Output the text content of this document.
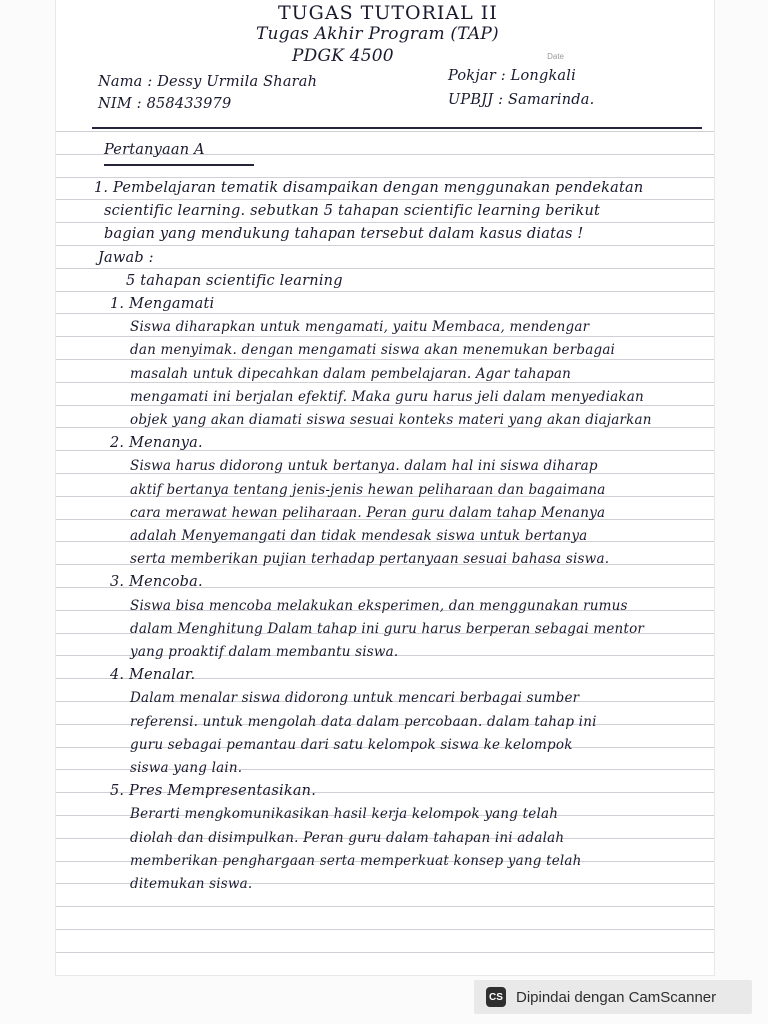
TUGAS TUTORIAL II
Tugas Akhir Program (TAP)
PDGK 4500	Date
Nama : Dessy Urmila Sharah
NIM : 858433979
Pokjar : Longkali
UPBJJ : Samarinda.
Pertanyaan A
1. Pembelajaran tematik disampaikan dengan menggunakan pendekatan
scientific learning. sebutkan 5 tahapan scientific learning berikut
bagian yang mendukung tahapan tersebut dalam kasus diatas !
Jawab :
5 tahapan scientific learning
1. Mengamati
Siswa diharapkan untuk mengamati, yaitu Membaca, mendengar
dan menyimak. dengan mengamati siswa akan menemukan berbagai
masalah untuk dipecahkan dalam pembelajaran. Agar tahapan
mengamati ini berjalan efektif. Maka guru harus jeli dalam menyediakan
objek yang akan diamati siswa sesuai konteks materi yang akan diajarkan
2. Menanya.
Siswa harus didorong untuk bertanya. dalam hal ini siswa diharap
aktif bertanya tentang jenis-jenis hewan peliharaan dan bagaimana
cara merawat hewan peliharaan. Peran guru dalam tahap Menanya
adalah Menyemangati dan tidak mendesak siswa untuk bertanya
serta memberikan pujian terhadap pertanyaan sesuai bahasa siswa.
3. Mencoba.
Siswa bisa mencoba melakukan eksperimen, dan menggunakan rumus
dalam Menghitung Dalam tahap ini guru harus berperan sebagai mentor
yang proaktif dalam membantu siswa.
4. Menalar.
Dalam menalar siswa didorong untuk mencari berbagai sumber
referensi. untuk mengolah data dalam percobaan. dalam tahap ini
guru sebagai pemantau dari satu kelompok siswa ke kelompok
siswa yang lain.
5. Pres Mempresentasikan.
Berarti mengkomunikasikan hasil kerja kelompok yang telah
diolah dan disimpulkan. Peran guru dalam tahapan ini adalah
memberikan penghargaan serta memperkuat konsep yang telah
ditemukan siswa.
CS Dipindai dengan CamScanner
